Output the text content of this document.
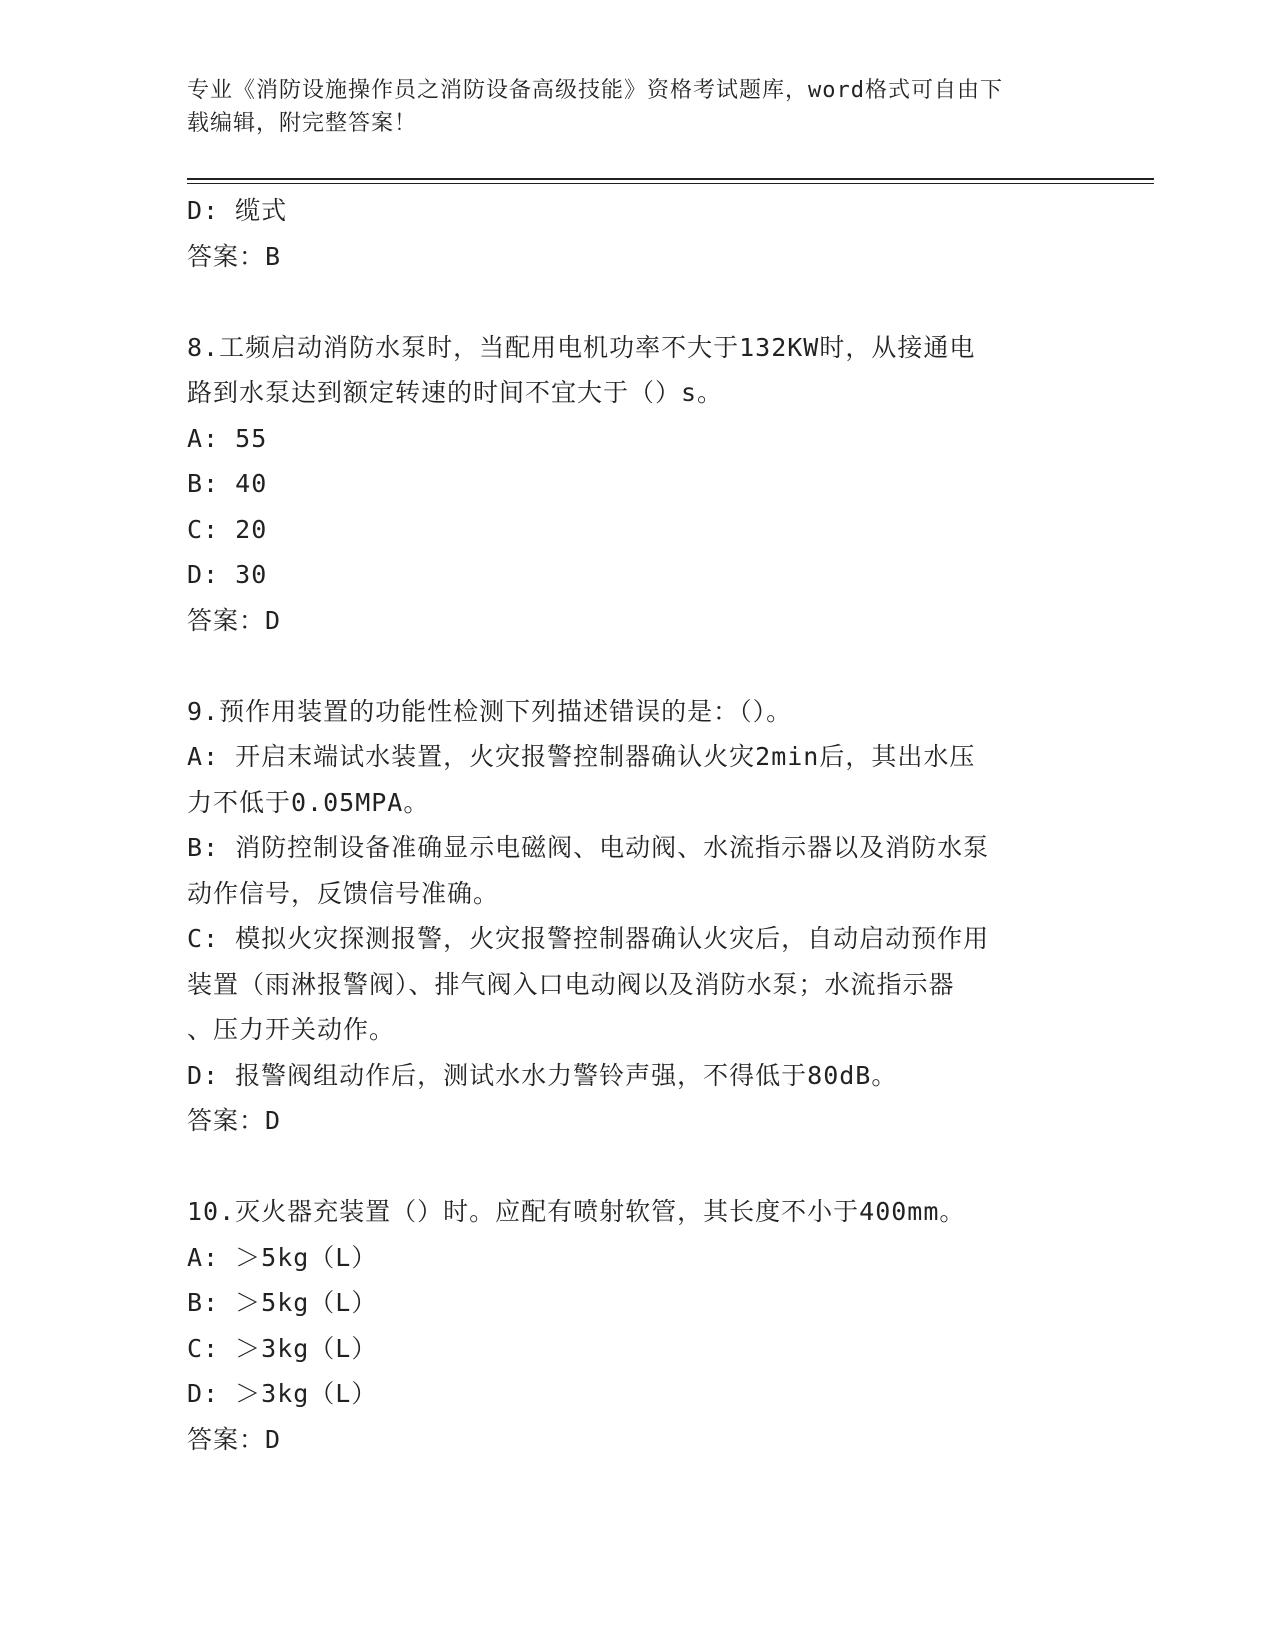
专业《消防设施操作员之消防设备高级技能》资格考试题库，word格式可自由下
载编辑，附完整答案！
D: 缆式
答案：B
8.工频启动消防水泵时，当配用电机功率不大于132KW时，从接通电
路到水泵达到额定转速的时间不宜大于（）s。
A: 55
B: 40
C: 20
D: 30
答案：D
9.预作用装置的功能性检测下列描述错误的是：（）。
A: 开启末端试水装置，火灾报警控制器确认火灾2min后，其出水压
力不低于0.05MPA。
B: 消防控制设备准确显示电磁阀、电动阀、水流指示器以及消防水泵
动作信号，反馈信号准确。
C: 模拟火灾探测报警，火灾报警控制器确认火灾后，自动启动预作用
装置（雨淋报警阀）、排气阀入口电动阀以及消防水泵；水流指示器
、压力开关动作。
D: 报警阀组动作后，测试水水力警铃声强，不得低于80dB。
答案：D
10.灭火器充装置（）时。应配有喷射软管，其长度不小于400mm。
A: ＞5kg（L）
B: ＞5kg（L）
C: ＞3kg（L）
D: ＞3kg（L）
答案：D
